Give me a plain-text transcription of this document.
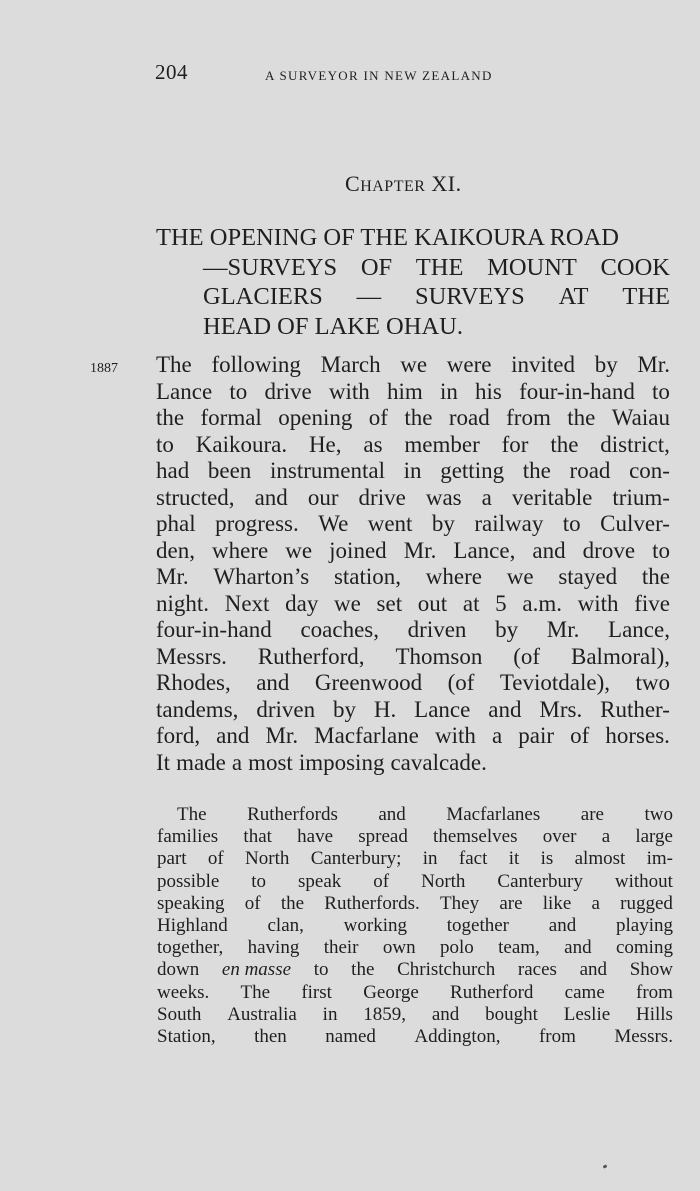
204	A SURVEYOR IN NEW ZEALAND
CHAPTER XI.
THE OPENING OF THE KAIKOURA ROAD
—SURVEYS OF THE MOUNT COOK
GLACIERS — SURVEYS AT THE
HEAD OF LAKE OHAU.
1887 The following March we were invited by Mr.
Lance to drive with him in his four-in-hand to
the formal opening of the road from the Waiau
to Kaikoura. He, as member for the district,
had been instrumental in getting the road con-
structed, and our drive was a veritable trium-
phal progress. We went by railway to Culver-
den, where we joined Mr. Lance, and drove to
Mr. Wharton’s station, where we stayed the
night. Next day we set out at 5 a.m. with five
four-in-hand coaches, driven by Mr. Lance,
Messrs. Rutherford, Thomson (of Balmoral),
Rhodes, and Greenwood (of Teviotdale), two
tandems, driven by H. Lance and Mrs. Ruther-
ford, and Mr. Macfarlane with a pair of horses.
It made a most imposing cavalcade.
The Rutherfords and Macfarlanes are two
families that have spread themselves over a large
part of North Canterbury; in fact it is almost im-
possible to speak of North Canterbury without
speaking of the Rutherfords. They are like a rugged
Highland clan, working together and playing
together, having their own polo team, and coming
down en masse to the Christchurch races and Show
weeks. The first George Rutherford came from
South Australia in 1859, and bought Leslie Hills
Station, then named Addington, from Messrs.
